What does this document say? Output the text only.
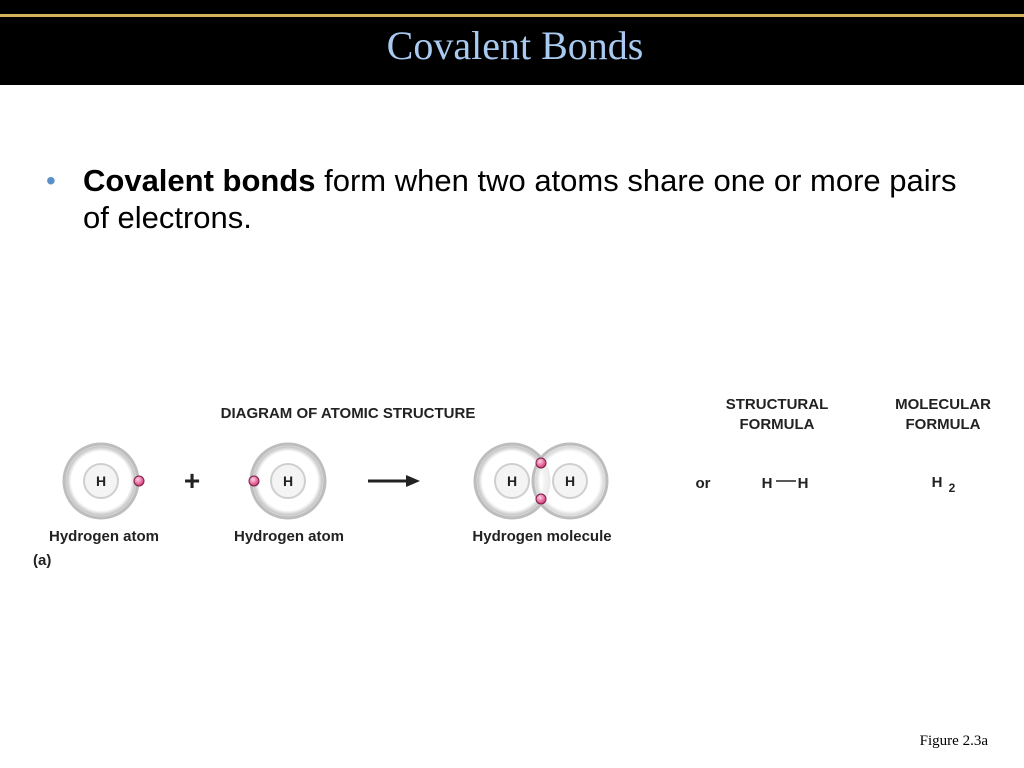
Covalent Bonds
• Covalent bonds form when two atoms share one or more pairs of electrons.
DIAGRAM OF ATOMIC STRUCTURE
STRUCTURAL
FORMULA
MOLECULAR
FORMULA
H
Hydrogen atom
(a)
+	H
Hydrogen atom
H	H
Hydrogen molecule
or	H H	H 2
Figure 2.3a
